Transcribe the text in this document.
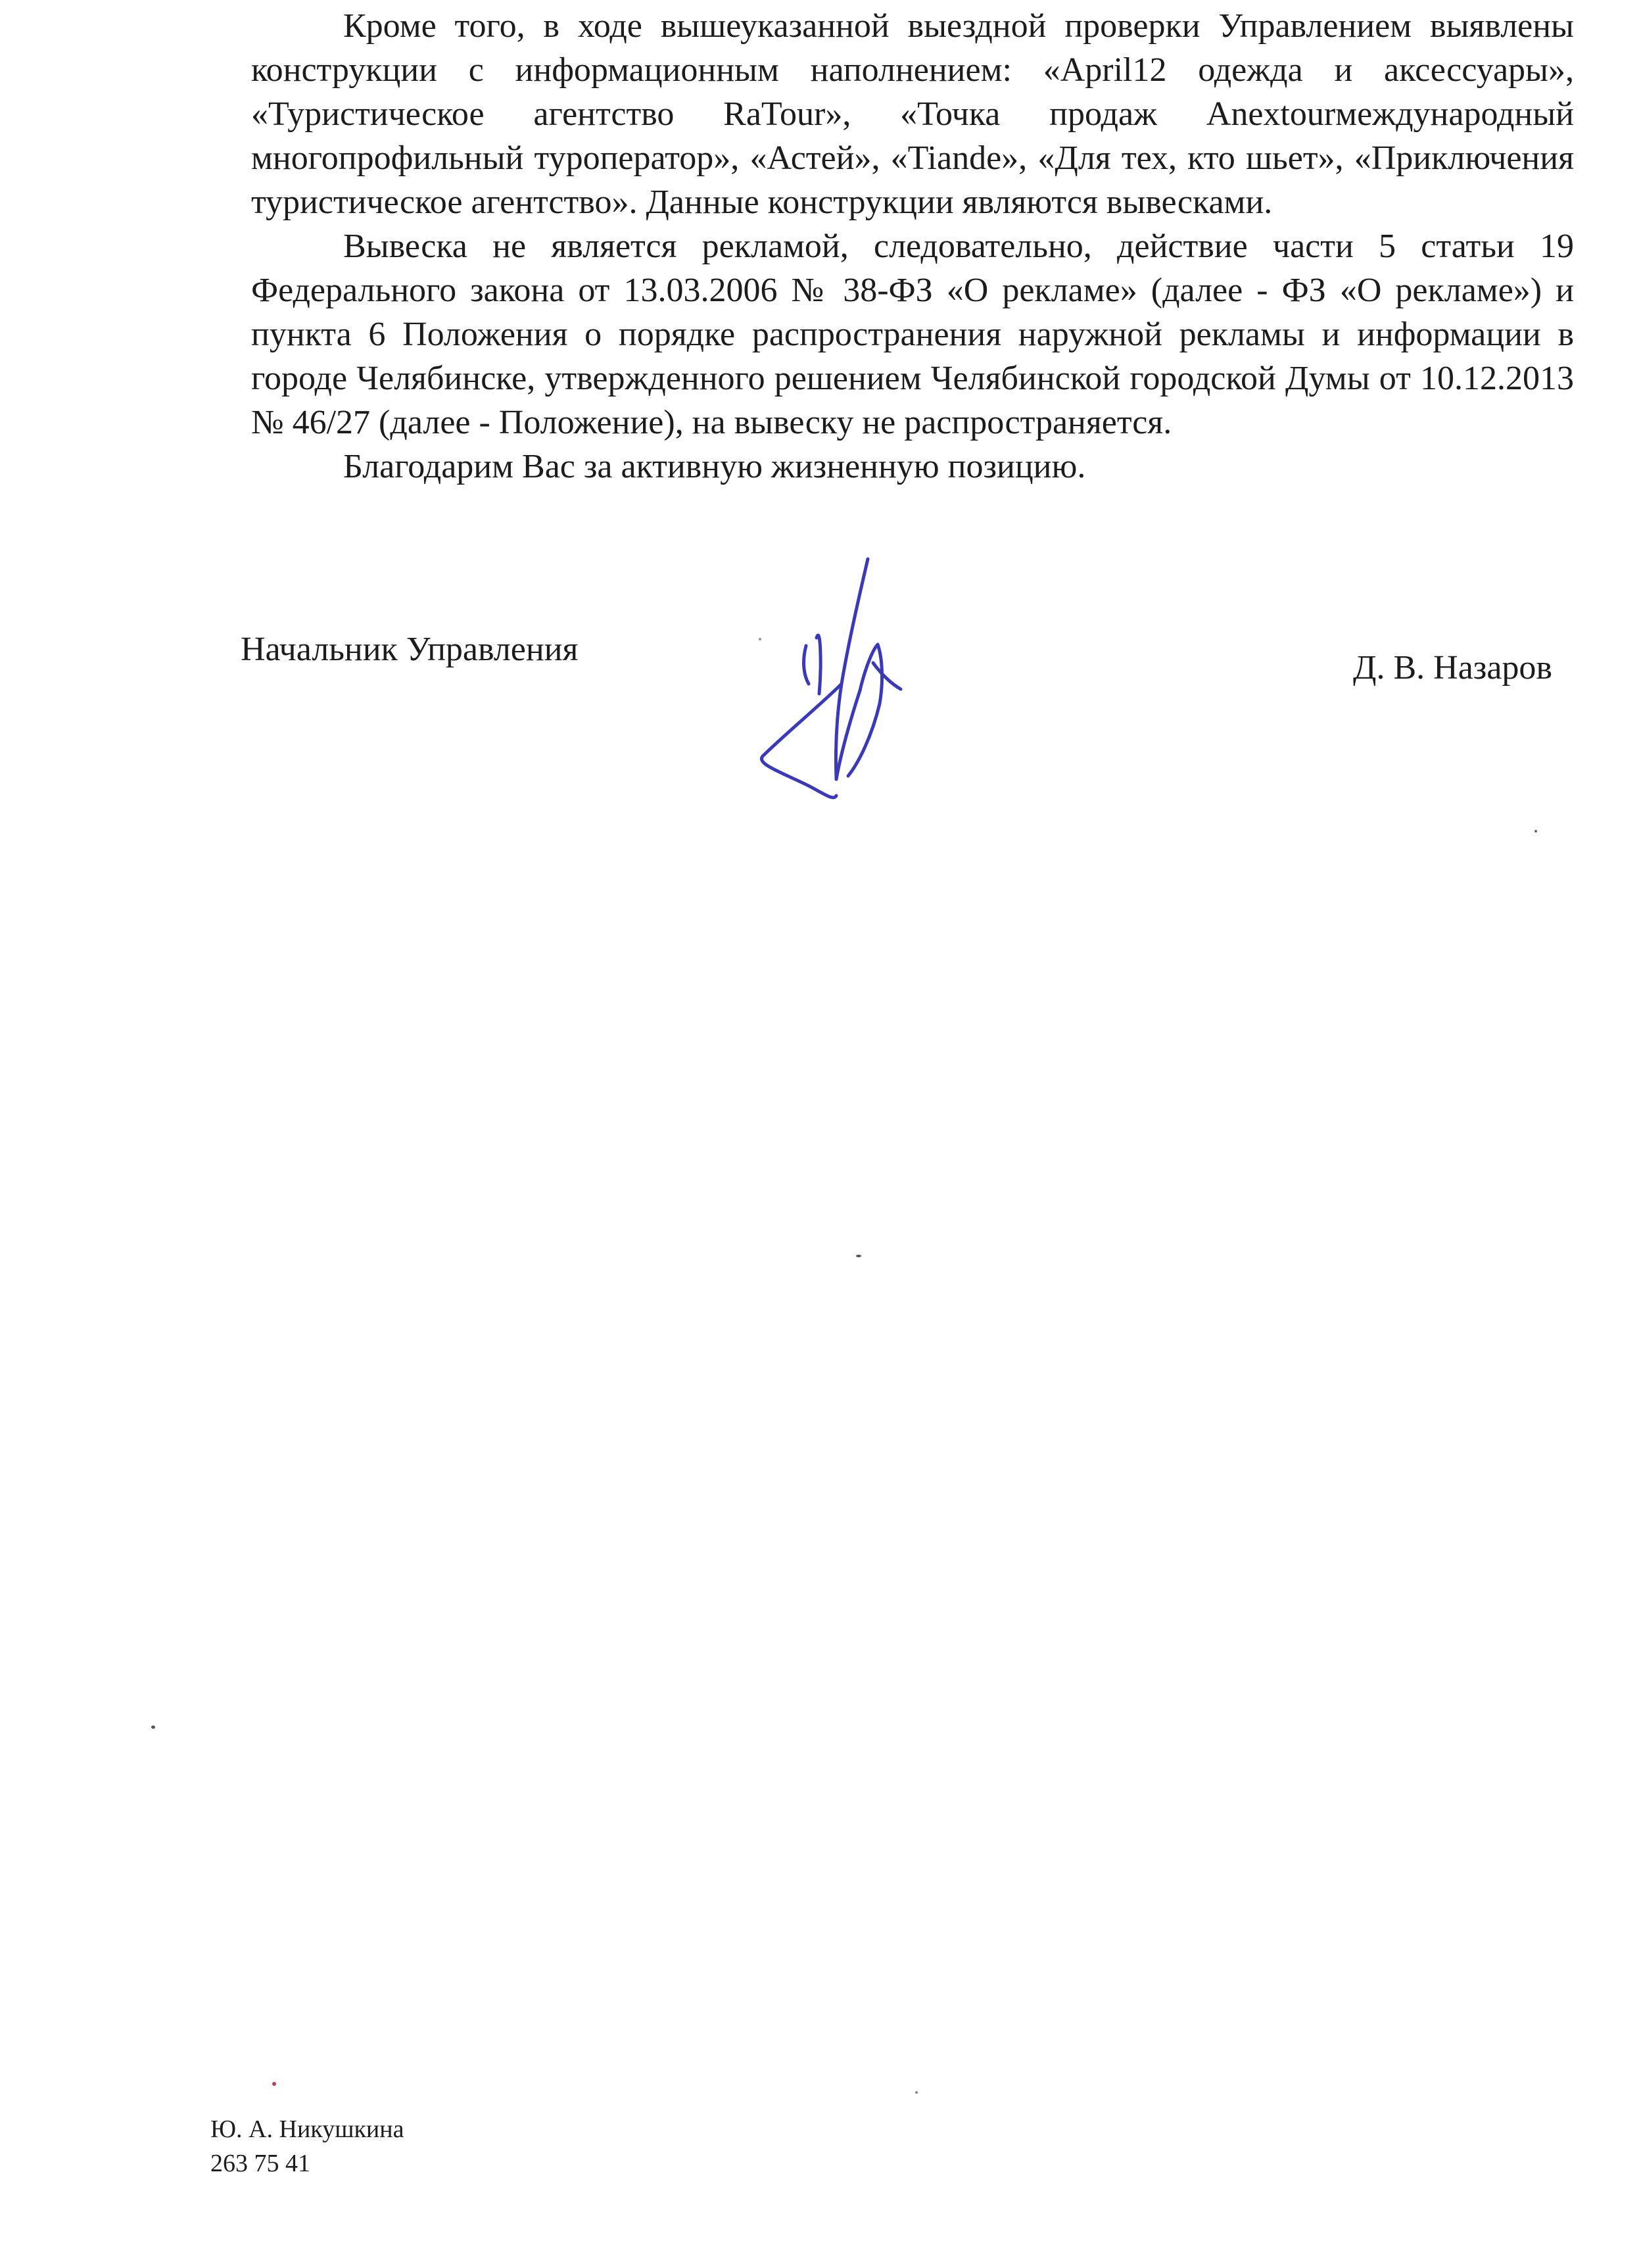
Кроме того, в ходе вышеуказанной выездной проверки Управлением выявлены конструкции с информационным наполнением: «April12 одежда и аксессуары», «Туристическое агентство RaTour», «Точка продаж Anextourмеждународный многопрофильный туроператор», «Астей», «Tiande», «Для тех, кто шьет», «Приключения туристическое агентство». Данные конструкции являются вывесками.

Вывеска не является рекламой, следовательно, действие части 5 статьи 19 Федерального закона от 13.03.2006 № 38-ФЗ «О рекламе» (далее - ФЗ «О рекламе») и пункта 6 Положения о порядке распространения наружной рекламы и информации в городе Челябинске, утвержденного решением Челябинской городской Думы от 10.12.2013 № 46/27 (далее - Положение), на вывеску не распространяется.

Благодарим Вас за активную жизненную позицию.

Начальник Управления	Д. В. Назаров
Ю. А. Никушкина
263 75 41
